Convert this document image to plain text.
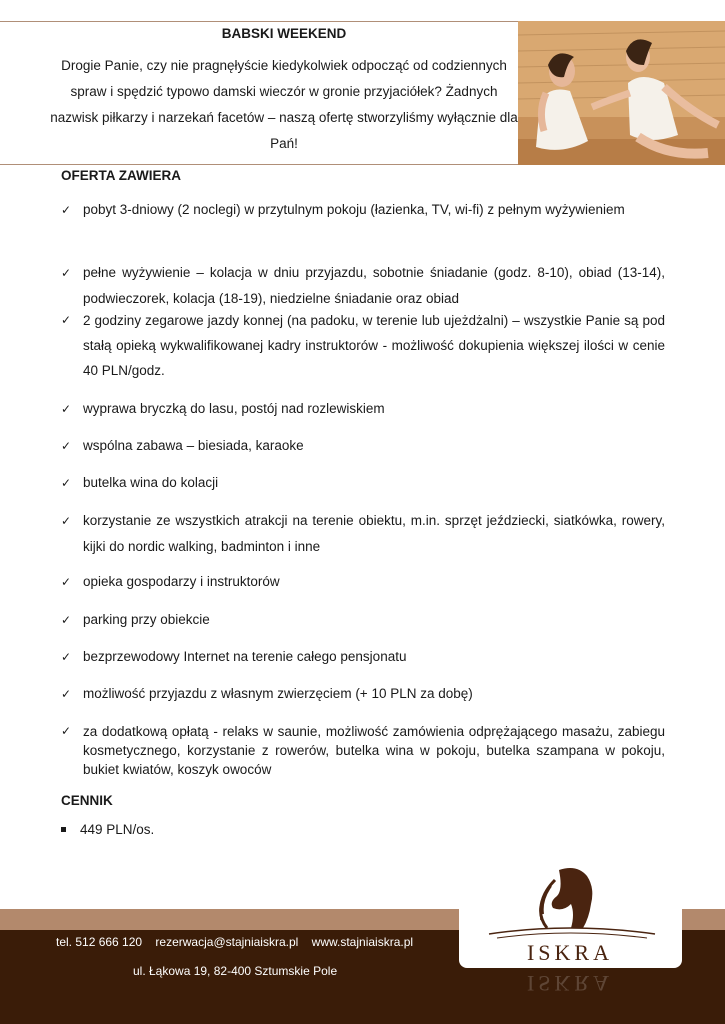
BABSKI WEEKEND
Drogie Panie, czy nie pragnęłyście kiedykolwiek odpocząć od codziennych spraw i spędzić typowo damski wieczór w gronie przyjaciółek? Żadnych nazwisk piłkarzy i narzekań facetów – naszą ofertę stworzyliśmy wyłącznie dla Pań!
OFERTA ZAWIERA
✓ pobyt 3-dniowy (2 noclegi) w przytulnym pokoju (łazienka, TV, wi-fi) z pełnym wyżywieniem
✓ pełne wyżywienie – kolacja w dniu przyjazdu, sobotnie śniadanie (godz. 8-10), obiad (13-14), podwieczorek, kolacja (18-19), niedzielne śniadanie oraz obiad
✓ 2 godziny zegarowe jazdy konnej (na padoku, w terenie lub ujeżdżalni) – wszystkie Panie są pod stałą opieką wykwalifikowanej kadry instruktorów - możliwość dokupienia większej ilości w cenie 40 PLN/godz.
✓ wyprawa bryczką do lasu, postój nad rozlewiskiem
✓ wspólna zabawa – biesiada, karaoke
✓ butelka wina do kolacji
✓ korzystanie ze wszystkich atrakcji na terenie obiektu, m.in. sprzęt jeździecki, siatkówka, rowery, kijki do nordic walking, badminton i inne
✓ opieka gospodarzy i instruktorów
✓ parking przy obiekcie
✓ bezprzewodowy Internet na terenie całego pensjonatu
✓ możliwość przyjazdu z własnym zwierzęciem (+ 10 PLN za dobę)
✓ za dodatkową opłatą - relaks w saunie, możliwość zamówienia odprężającego masażu, zabiegu kosmetycznego, korzystanie z rowerów, butelka wina w pokoju, butelka szampana w pokoju, bukiet kwiatów, koszyk owoców
CENNIK
449 PLN/os.
tel. 512 666 120 rezerwacja@stajniaiskra.pl www.stajniaiskra.pl
ul. Łąkowa 19, 82-400 Sztumskie Pole
ISKRA
ISKRA
